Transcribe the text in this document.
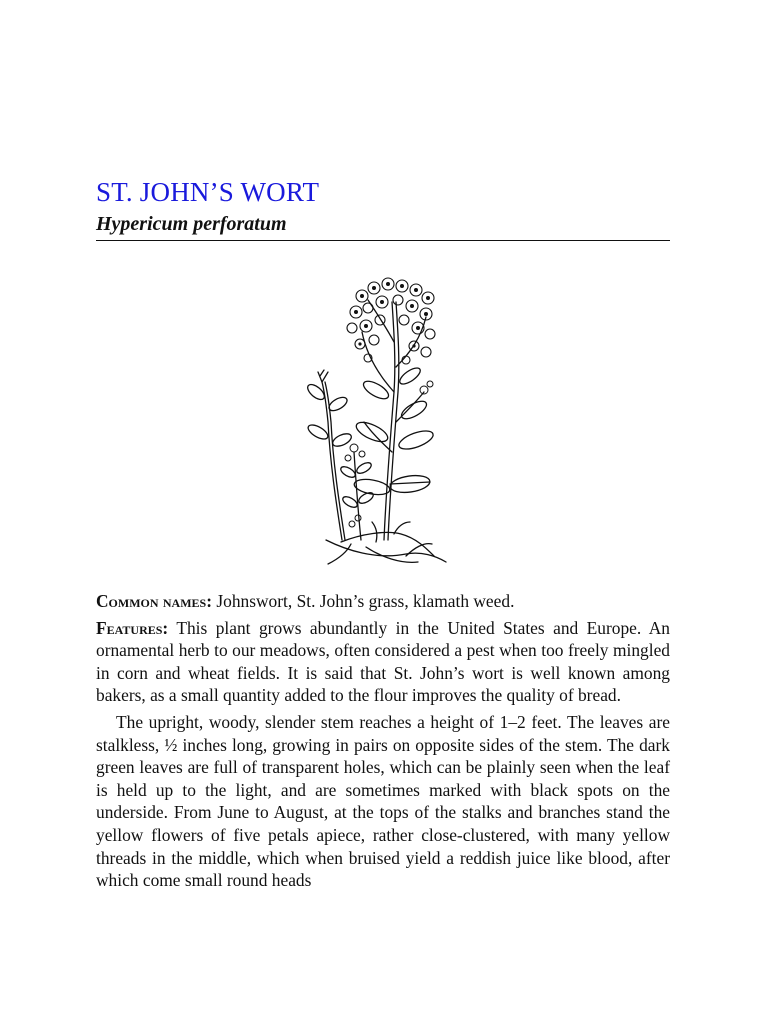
ST. JOHN’S WORT
Hypericum perforatum

Common names: Johnswort, St. John’s grass, klamath weed.

Features: This plant grows abundantly in the United States and Europe. An ornamental herb to our meadows, often considered a pest when too freely mingled in corn and wheat fields. It is said that St. John’s wort is well known among bakers, as a small quantity added to the flour improves the quality of bread.

The upright, woody, slender stem reaches a height of 1–2 feet. The leaves are stalkless, ½ inches long, growing in pairs on opposite sides of the stem. The dark green leaves are full of transparent holes, which can be plainly seen when the leaf is held up to the light, and are sometimes marked with black spots on the underside. From June to August, at the tops of the stalks and branches stand the yellow flowers of five petals apiece, rather close-clustered, with many yellow threads in the middle, which when bruised yield a reddish juice like blood, after which come small round heads
